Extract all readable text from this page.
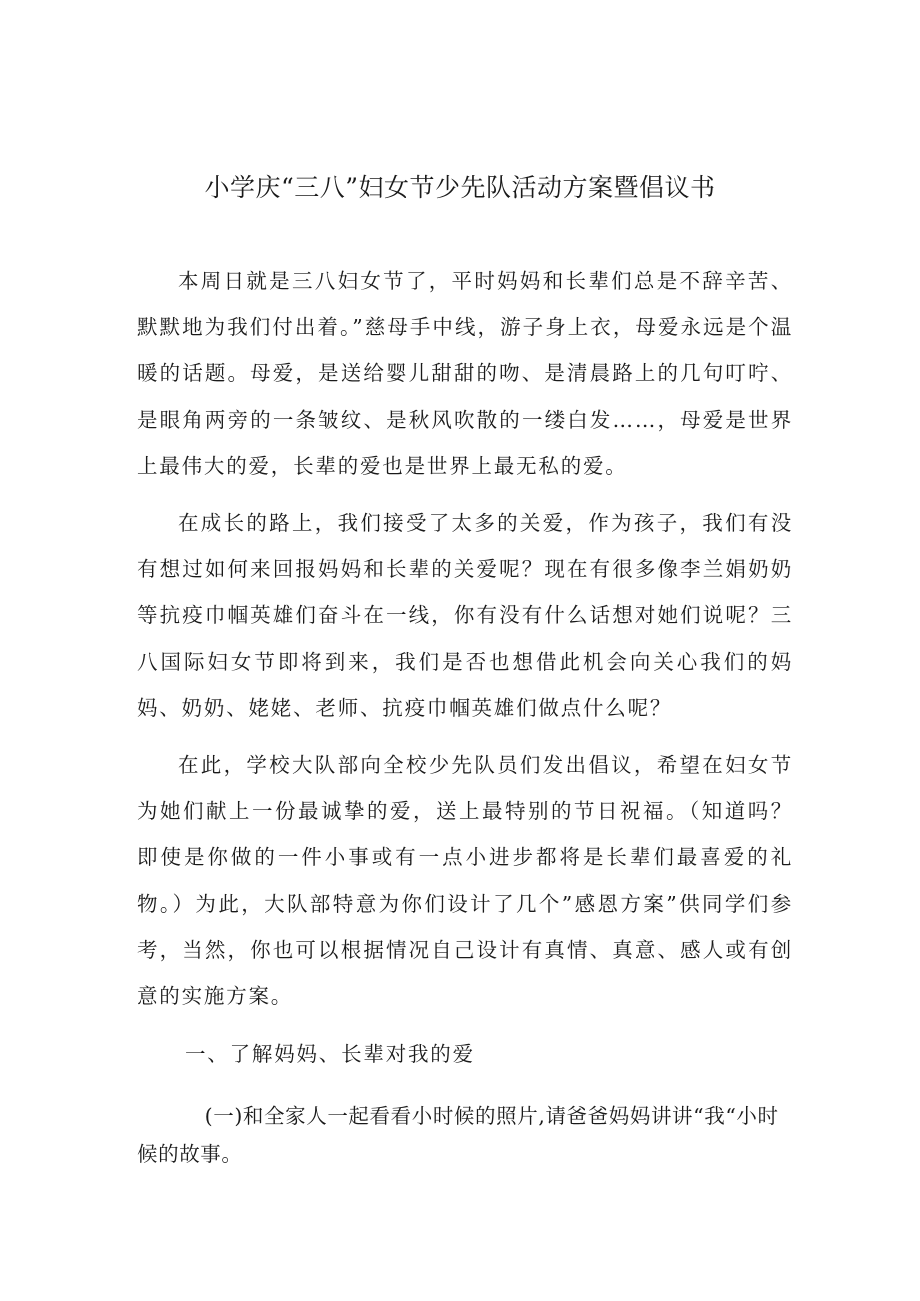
小学庆“三八”妇女节少先队活动方案暨倡议书

本周日就是三八妇女节了，平时妈妈和长辈们总是不辞辛苦、默默地为我们付出着。”慈母手中线，游子身上衣，母爱永远是个温暖的话题。母爱，是送给婴儿甜甜的吻、是清晨路上的几句叮咛、是眼角两旁的一条皱纹、是秋风吹散的一缕白发……，母爱是世界上最伟大的爱，长辈的爱也是世界上最无私的爱。

在成长的路上，我们接受了太多的关爱，作为孩子，我们有没有想过如何来回报妈妈和长辈的关爱呢？现在有很多像李兰娟奶奶等抗疫巾帼英雄们奋斗在一线，你有没有什么话想对她们说呢？三八国际妇女节即将到来，我们是否也想借此机会向关心我们的妈妈、奶奶、姥姥、老师、抗疫巾帼英雄们做点什么呢？

在此，学校大队部向全校少先队员们发出倡议，希望在妇女节为她们献上一份最诚挚的爱，送上最特别的节日祝福。（知道吗？即使是你做的一件小事或有一点小进步都将是长辈们最喜爱的礼物。）为此，大队部特意为你们设计了几个”感恩方案”供同学们参考，当然，你也可以根据情况自己设计有真情、真意、感人或有创意的实施方案。

一、了解妈妈、长辈对我的爱

(一)和全家人一起看看小时候的照片,请爸爸妈妈讲讲“我“小时候的故事。
